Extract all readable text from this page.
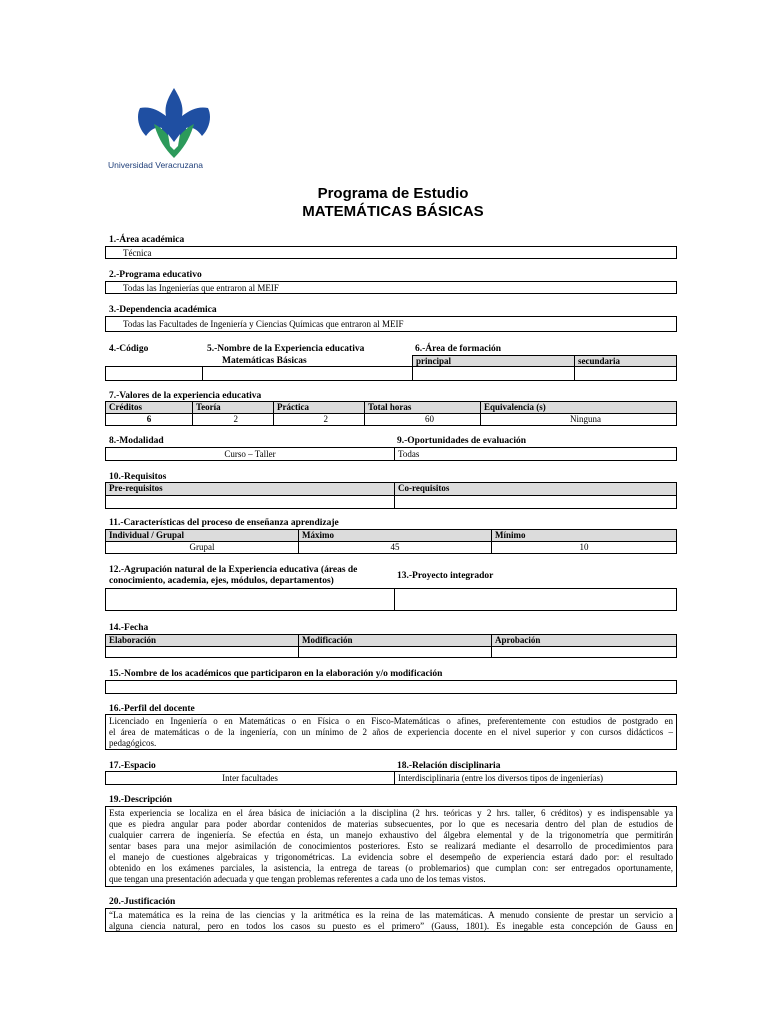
Universidad Veracruzana
Programa de Estudio
MATEMÁTICAS BÁSICAS
1.-Área académica
Técnica
2.-Programa educativo
Todas las Ingenierías que entraron al MEIF
3.-Dependencia académica
Todas las Facultades de Ingeniería y Ciencias Químicas que entraron al MEIF
4.-Código	5.-Nombre de la Experiencia educativa
Matemáticas Básicas
6.-Área de formación
principal	secundaria
7.-Valores de la experiencia educativa
Créditos	Teoría	Práctica	Total horas	Equivalencia (s)
6	2	2	60	Ninguna
8.-Modalidad	9.-Oportunidades de evaluación
Curso – Taller	Todas
10.-Requisitos
Pre-requisitos	Co-requisitos
11.-Características del proceso de enseñanza aprendizaje
Individual / Grupal	Máximo	Mínimo
Grupal	45	10
12.-Agrupación natural de la Experiencia educativa (áreas de
conocimiento, academia, ejes, módulos, departamentos)	13.-Proyecto integrador
14.-Fecha
Elaboración	Modificación	Aprobación
15.-Nombre de los académicos que participaron en la elaboración y/o modificación
16.-Perfil del docente
Licenciado en Ingeniería o en Matemáticas o en Física o en Fisco-Matemáticas o afines, preferentemente con estudios de postgrado en
el área de matemáticas o de la ingeniería, con un mínimo de 2 años de experiencia docente en el nivel superior y con cursos didácticos –
pedagógicos.
17.-Espacio	18.-Relación disciplinaria
Inter facultades	Interdisciplinaria (entre los diversos tipos de ingenierías)
19.-Descripción
Esta experiencia se localiza en el área básica de iniciación a la disciplina (2 hrs. teóricas y 2 hrs. taller, 6 créditos) y es indispensable ya
que es piedra angular para poder abordar contenidos de materias subsecuentes, por lo que es necesaria dentro del plan de estudios de
cualquier carrera de ingeniería. Se efectúa en ésta, un manejo exhaustivo del álgebra elemental y de la trigonometría que permitirán
sentar bases para una mejor asimilación de conocimientos posteriores. Esto se realizará mediante el desarrollo de procedimientos para
el manejo de cuestiones algebraicas y trigonométricas. La evidencia sobre el desempeño de experiencia estará dado por: el resultado
obtenido en los exámenes parciales, la asistencia, la entrega de tareas (o problemarios) que cumplan con: ser entregados oportunamente,
que tengan una presentación adecuada y que tengan problemas referentes a cada uno de los temas vistos.
20.-Justificación
“La matemática es la reina de las ciencias y la aritmética es la reina de las matemáticas. A menudo consiente de prestar un servicio a
alguna ciencia natural, pero en todos los casos su puesto es el primero” (Gauss, 1801). Es inegable esta concepción de Gauss en
